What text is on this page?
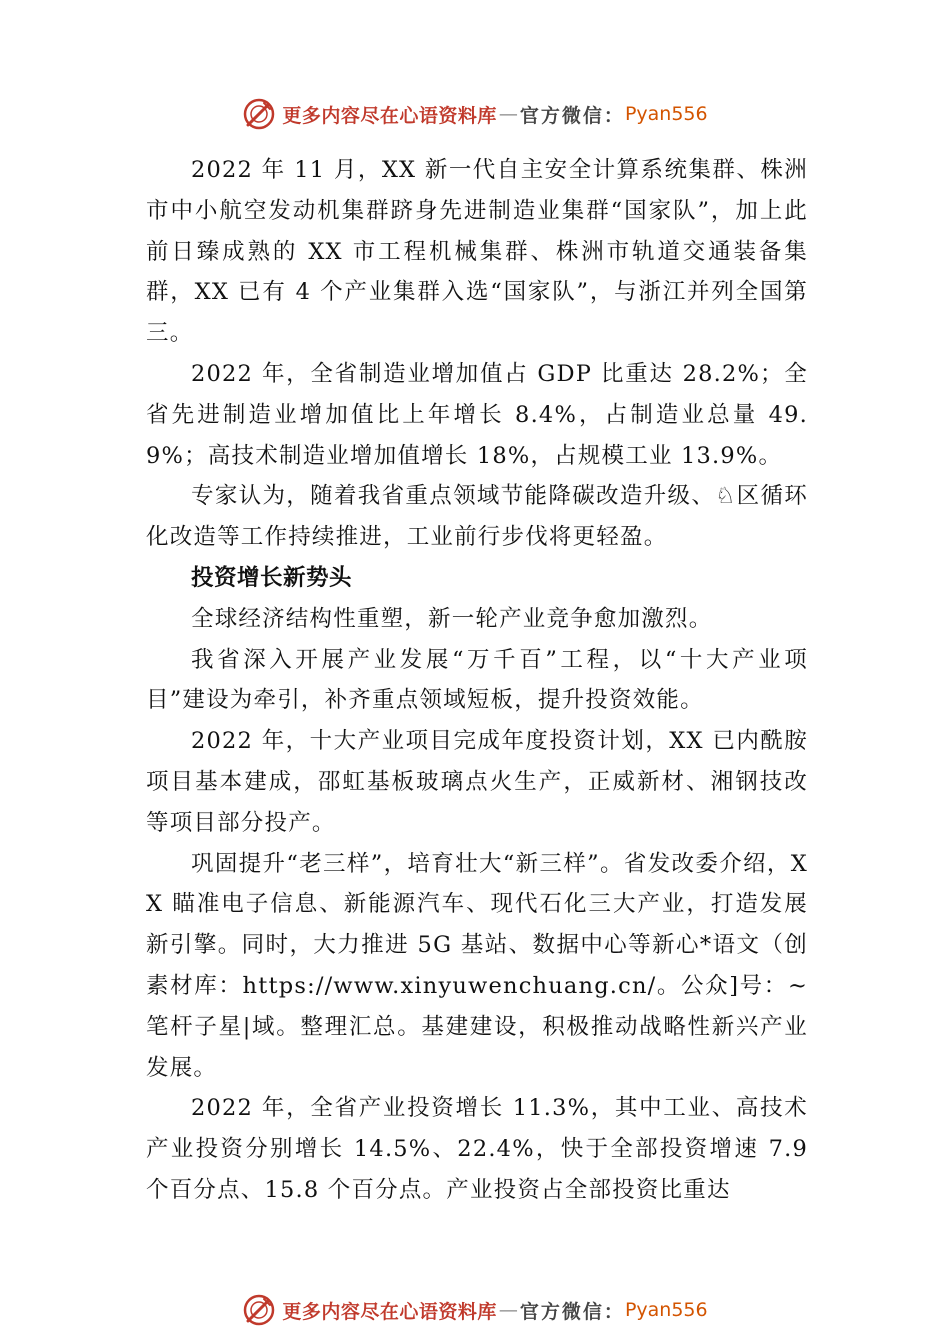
更多内容尽在心语资料库 — 官方微信： Pyan556

2022 年 11 月，XX 新一代自主安全计算系统集群、株洲市中小航空发动机集群跻身先进制造业集群“国家队”，加上此前日臻成熟的 XX 市工程机械集群、株洲市轨道交通装备集群，XX 已有 4 个产业集群入选“国家队”，与浙江并列全国第三。

2022 年，全省制造业增加值占 GDP 比重达 28.2%；全省先进制造业增加值比上年增长 8.4%，占制造业总量 49.9%；高技术制造业增加值增长 18%，占规模工业 13.9%。

专家认为，随着我省重点领域节能降碳改造升级、♘区循环化改造等工作持续推进，工业前行步伐将更轻盈。

投资增长新势头

全球经济结构性重塑，新一轮产业竞争愈加激烈。

我省深入开展产业发展“万千百”工程，以“十大产业项目”建设为牵引，补齐重点领域短板，提升投资效能。

2022 年，十大产业项目完成年度投资计划，XX 已内酰胺项目基本建成，邵虹基板玻璃点火生产，正威新材、湘钢技改等项目部分投产。

巩固提升“老三样”，培育壮大“新三样”。省发改委介绍，XX 瞄准电子信息、新能源汽车、现代石化三大产业，打造发展新引擎。同时，大力推进 5G 基站、数据中心等新心*语文（创素材库：https://www.xinyuwenchuang.cn/。公众]号：~笔杆子星|域。整理汇总。基建建设，积极推动战略性新兴产业发展。

2022 年，全省产业投资增长 11.3%，其中工业、高技术产业投资分别增长 14.5%、22.4%，快于全部投资增速 7.9 个百分点、15.8 个百分点。产业投资占全部投资比重达

更多内容尽在心语资料库 — 官方微信： Pyan556
